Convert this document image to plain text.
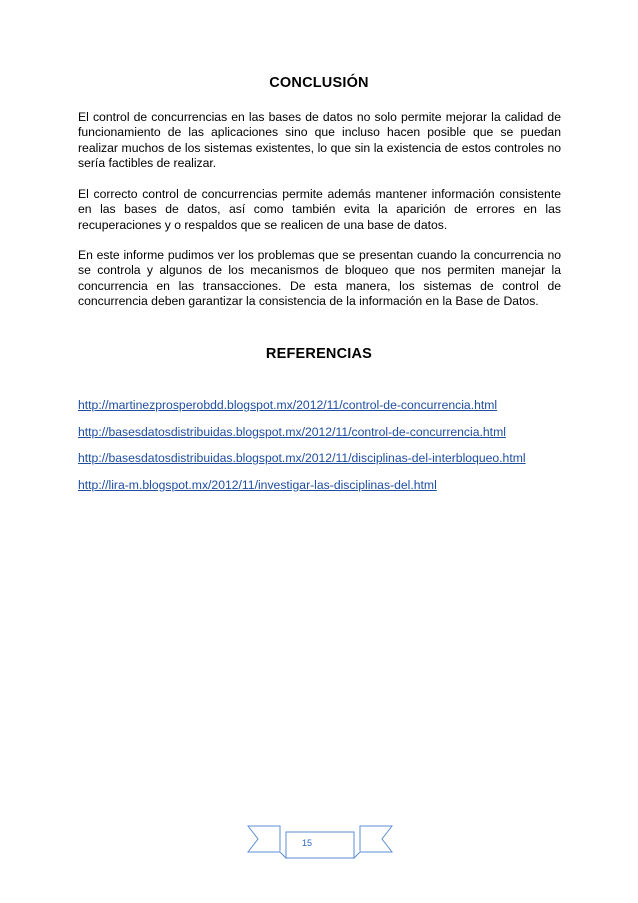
CONCLUSIÓN

El control de concurrencias en las bases de datos no solo permite mejorar la calidad de funcionamiento de las aplicaciones sino que incluso hacen posible que se puedan realizar muchos de los sistemas existentes, lo que sin la existencia de estos controles no sería factibles de realizar.

El correcto control de concurrencias permite además mantener información consistente en las bases de datos, así como también evita la aparición de errores en las recuperaciones y o respaldos que se realicen de una base de datos.

En este informe pudimos ver los problemas que se presentan cuando la concurrencia no se controla y algunos de los mecanismos de bloqueo que nos permiten manejar la concurrencia en las transacciones. De esta manera, los sistemas de control de concurrencia deben garantizar la consistencia de la información en la Base de Datos.

REFERENCIAS
http://martinezprosperobdd.blogspot.mx/2012/11/control-de-concurrencia.html
http://basesdatosdistribuidas.blogspot.mx/2012/11/control-de-concurrencia.html
http://basesdatosdistribuidas.blogspot.mx/2012/11/disciplinas-del-interbloqueo.html
http://lira-m.blogspot.mx/2012/11/investigar-las-disciplinas-del.html
15
